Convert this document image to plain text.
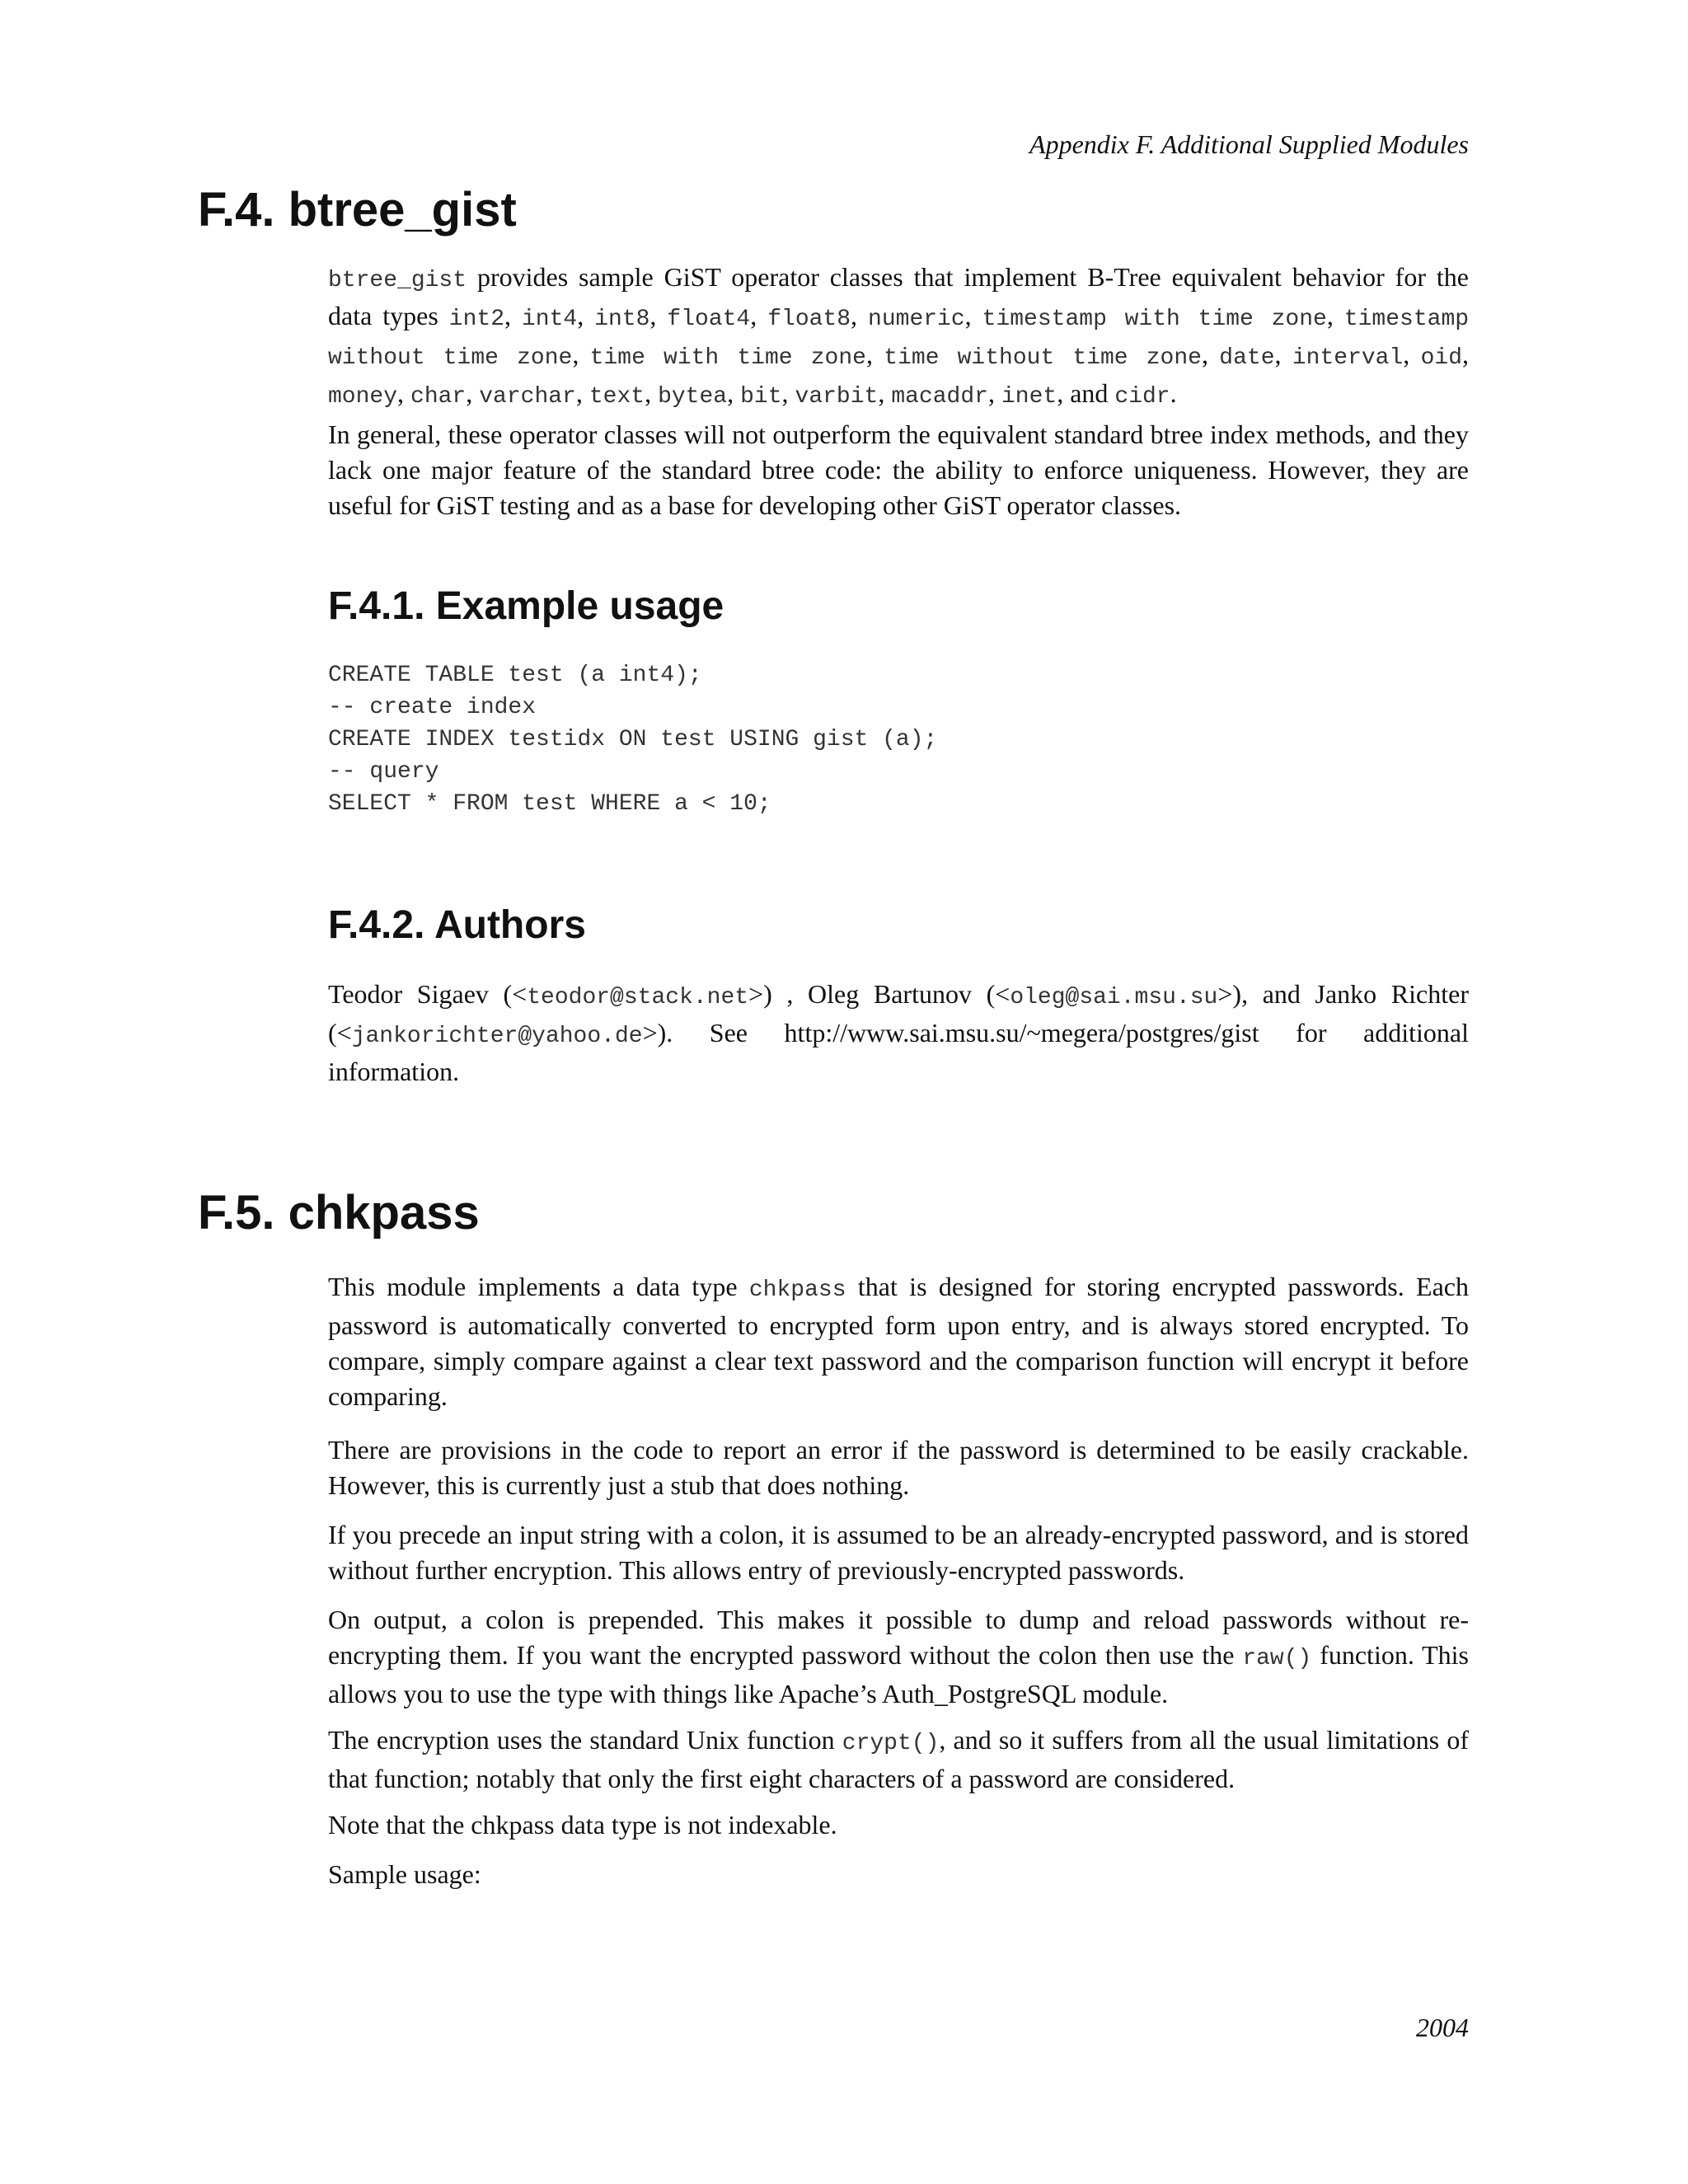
Appendix F. Additional Supplied Modules
F.4. btree_gist

btree_gist provides sample GiST operator classes that implement B-Tree equivalent behavior for the data types int2, int4, int8, float4, float8, numeric, timestamp with time zone, timestamp without time zone, time with time zone, time without time zone, date, interval, oid, money, char, varchar, text, bytea, bit, varbit, macaddr, inet, and cidr.

In general, these operator classes will not outperform the equivalent standard btree index methods, and they lack one major feature of the standard btree code: the ability to enforce uniqueness. However, they are useful for GiST testing and as a base for developing other GiST operator classes.

F.4.1. Example usage
CREATE TABLE test (a int4);
-- create index
CREATE INDEX testidx ON test USING gist (a);
-- query
SELECT * FROM test WHERE a < 10;
F.4.2. Authors

Teodor Sigaev (<teodor@stack.net>) , Oleg Bartunov (<oleg@sai.msu.su>), and Janko Richter (<jankorichter@yahoo.de>). See http://www.sai.msu.su/~megera/postgres/gist for additional information.

F.5. chkpass

This module implements a data type chkpass that is designed for storing encrypted passwords. Each password is automatically converted to encrypted form upon entry, and is always stored encrypted. To compare, simply compare against a clear text password and the comparison function will encrypt it before comparing.

There are provisions in the code to report an error if the password is determined to be easily crackable. However, this is currently just a stub that does nothing.

If you precede an input string with a colon, it is assumed to be an already-encrypted password, and is stored without further encryption. This allows entry of previously-encrypted passwords.

On output, a colon is prepended. This makes it possible to dump and reload passwords without re-encrypting them. If you want the encrypted password without the colon then use the raw() function. This allows you to use the type with things like Apache’s Auth_PostgreSQL module.

The encryption uses the standard Unix function crypt(), and so it suffers from all the usual limitations of that function; notably that only the first eight characters of a password are considered.

Note that the chkpass data type is not indexable.

Sample usage:

2004
